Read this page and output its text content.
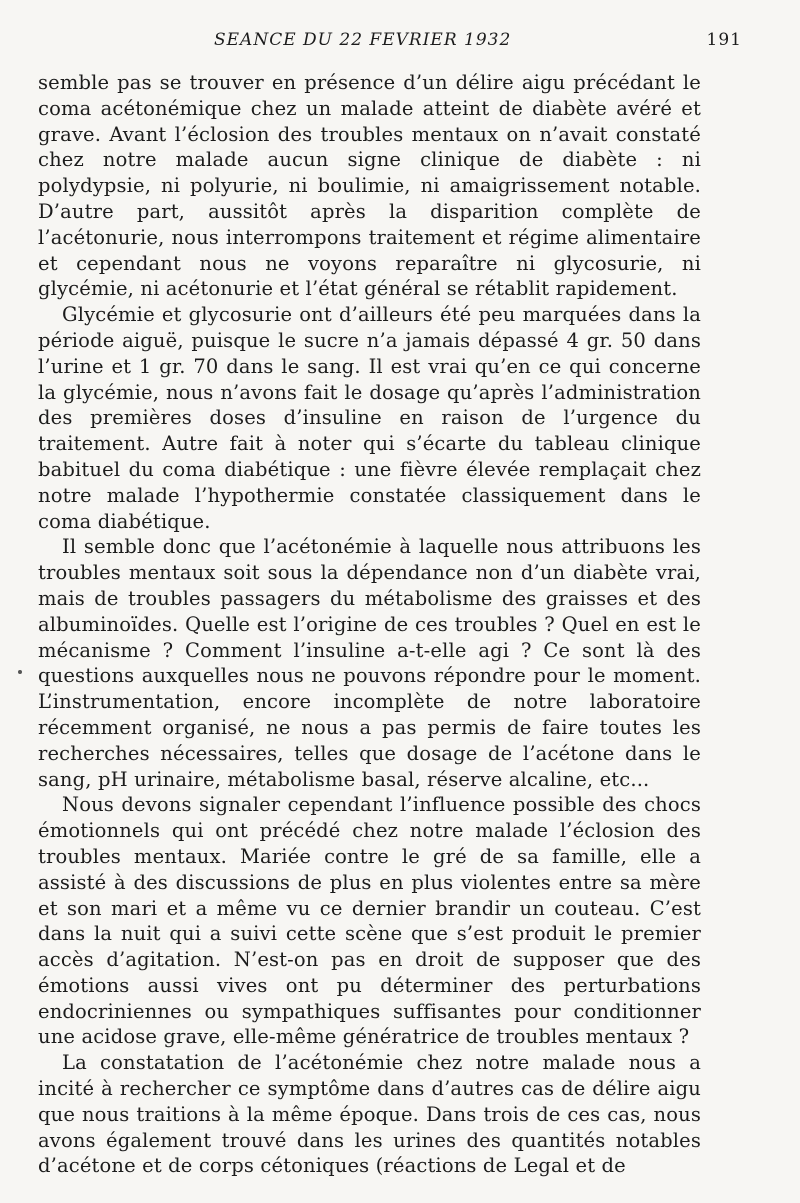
SEANCE DU 22 FEVRIER 1932	191

semble pas se trouver en présence d’un délire aigu précédant le coma acétonémique chez un malade atteint de diabète avéré et grave. Avant l’éclosion des troubles mentaux on n’avait constaté chez notre malade aucun signe clinique de diabète : ni polydypsie, ni polyurie, ni boulimie, ni amaigrissement notable. D’autre part, aussitôt après la disparition complète de l’acétonurie, nous interrompons traitement et régime alimentaire et cependant nous ne voyons reparaître ni glycosurie, ni glycémie, ni acétonurie et l’état général se rétablit rapidement.

Glycémie et glycosurie ont d’ailleurs été peu marquées dans la période aiguë, puisque le sucre n’a jamais dépassé 4 gr. 50 dans l’urine et 1 gr. 70 dans le sang. Il est vrai qu’en ce qui concerne la glycémie, nous n’avons fait le dosage qu’après l’administration des premières doses d’insuline en raison de l’urgence du traitement. Autre fait à noter qui s’écarte du tableau clinique babituel du coma diabétique : une fièvre élevée remplaçait chez notre malade l’hypothermie constatée classiquement dans le coma diabétique.

Il semble donc que l’acétonémie à laquelle nous attribuons les troubles mentaux soit sous la dépendance non d’un diabète vrai, mais de troubles passagers du métabolisme des graisses et des albuminoïdes. Quelle est l’origine de ces troubles ? Quel en est le mécanisme ? Comment l’insuline a-t-elle agi ? Ce sont là des questions auxquelles nous ne pouvons répondre pour le moment. L’instrumentation, encore incomplète de notre laboratoire récemment organisé, ne nous a pas permis de faire toutes les recherches nécessaires, telles que dosage de l’acétone dans le sang, pH urinaire, métabolisme basal, réserve alcaline, etc...

Nous devons signaler cependant l’influence possible des chocs émotionnels qui ont précédé chez notre malade l’éclosion des troubles mentaux. Mariée contre le gré de sa famille, elle a assisté à des discussions de plus en plus violentes entre sa mère et son mari et a même vu ce dernier brandir un couteau. C’est dans la nuit qui a suivi cette scène que s’est produit le premier accès d’agitation. N’est-on pas en droit de supposer que des émotions aussi vives ont pu déterminer des perturbations endocriniennes ou sympathiques suffisantes pour conditionner une acidose grave, elle-même génératrice de troubles mentaux ?

La constatation de l’acétonémie chez notre malade nous a incité à rechercher ce symptôme dans d’autres cas de délire aigu que nous traitions à la même époque. Dans trois de ces cas, nous avons également trouvé dans les urines des quantités notables d’acétone et de corps cétoniques (réactions de Legal et de
